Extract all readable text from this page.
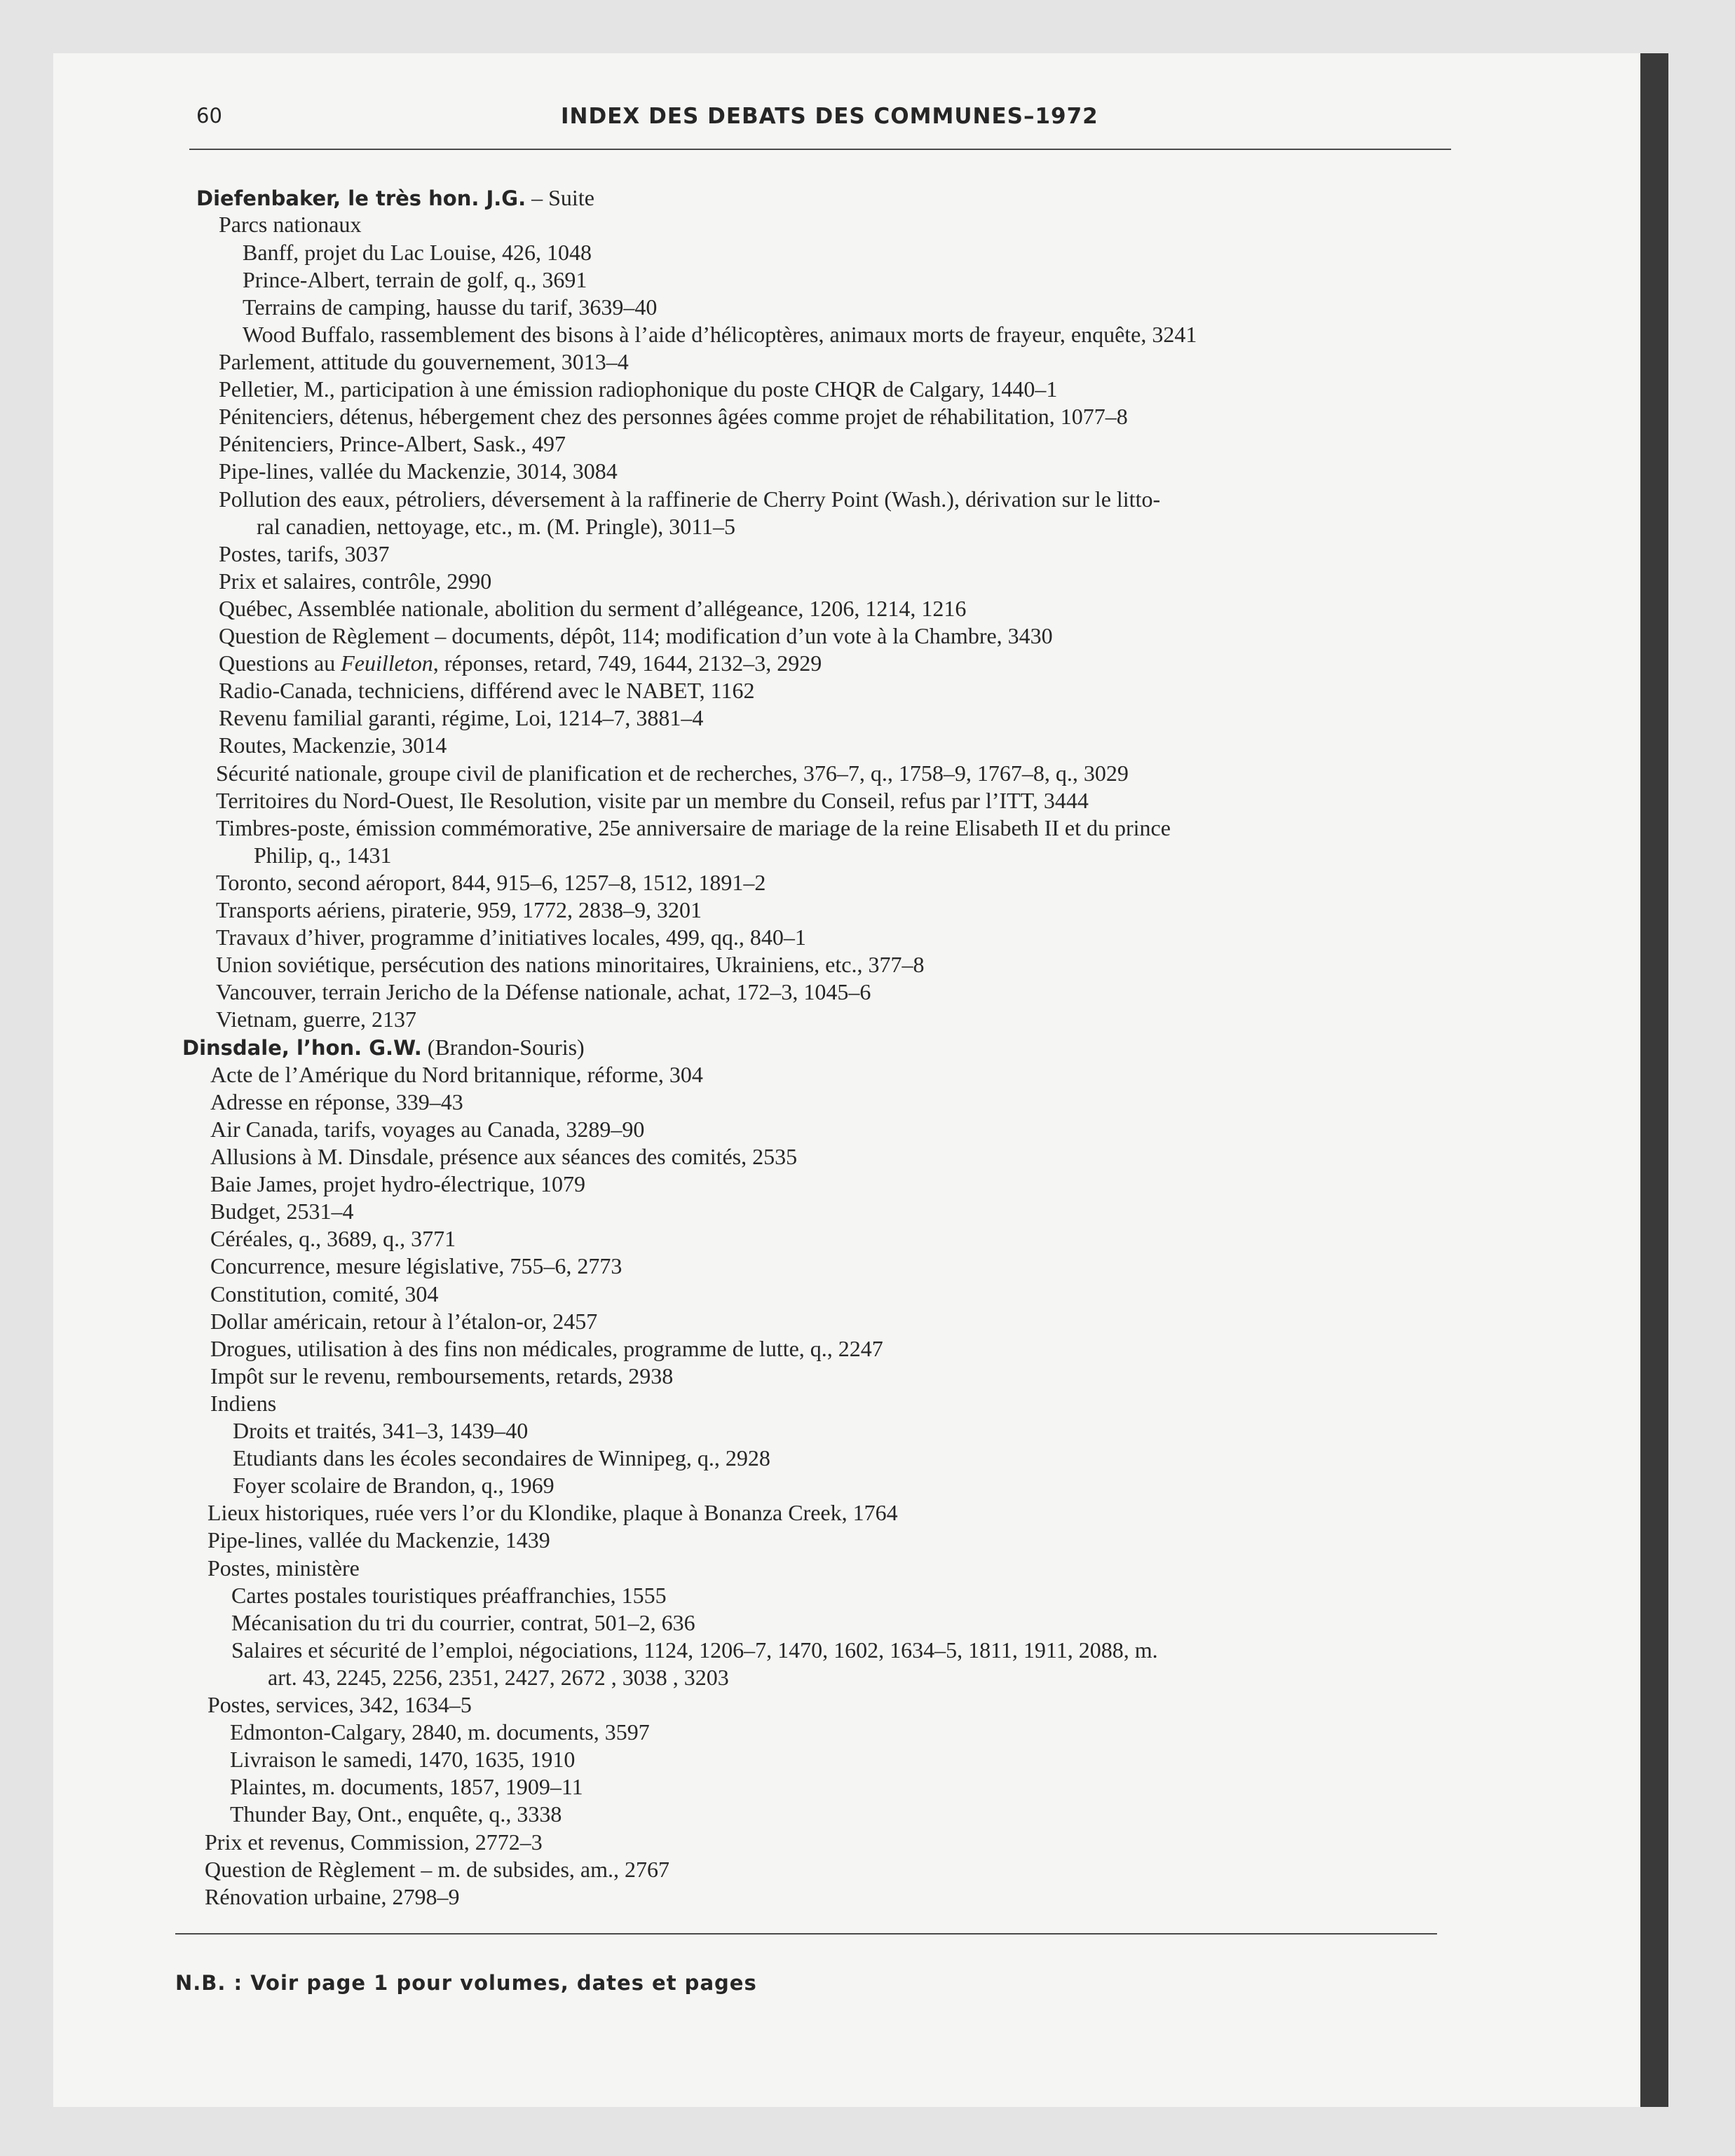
60	INDEX DES DEBATS DES COMMUNES–1972
Diefenbaker, le très hon. J.G. – Suite
Parcs nationaux
Banff, projet du Lac Louise, 426, 1048
Prince-Albert, terrain de golf, q., 3691
Terrains de camping, hausse du tarif, 3639–40
Wood Buffalo, rassemblement des bisons à l’aide d’hélicoptères, animaux morts de frayeur, enquête, 3241
Parlement, attitude du gouvernement, 3013–4
Pelletier, M., participation à une émission radiophonique du poste CHQR de Calgary, 1440–1
Pénitenciers, détenus, hébergement chez des personnes âgées comme projet de réhabilitation, 1077–8
Pénitenciers, Prince-Albert, Sask., 497
Pipe-lines, vallée du Mackenzie, 3014, 3084
Pollution des eaux, pétroliers, déversement à la raffinerie de Cherry Point (Wash.), dérivation sur le litto-
ral canadien, nettoyage, etc., m. (M. Pringle), 3011–5
Postes, tarifs, 3037
Prix et salaires, contrôle, 2990
Québec, Assemblée nationale, abolition du serment d’allégeance, 1206, 1214, 1216
Question de Règlement – documents, dépôt, 114; modification d’un vote à la Chambre, 3430
Questions au Feuilleton, réponses, retard, 749, 1644, 2132–3, 2929
Radio-Canada, techniciens, différend avec le NABET, 1162
Revenu familial garanti, régime, Loi, 1214–7, 3881–4
Routes, Mackenzie, 3014
Sécurité nationale, groupe civil de planification et de recherches, 376–7, q., 1758–9, 1767–8, q., 3029
Territoires du Nord-Ouest, Ile Resolution, visite par un membre du Conseil, refus par l’ITT, 3444
Timbres-poste, émission commémorative, 25e anniversaire de mariage de la reine Elisabeth II et du prince
Philip, q., 1431
Toronto, second aéroport, 844, 915–6, 1257–8, 1512, 1891–2
Transports aériens, piraterie, 959, 1772, 2838–9, 3201
Travaux d’hiver, programme d’initiatives locales, 499, qq., 840–1
Union soviétique, persécution des nations minoritaires, Ukrainiens, etc., 377–8
Vancouver, terrain Jericho de la Défense nationale, achat, 172–3, 1045–6
Vietnam, guerre, 2137
Dinsdale, l’hon. G.W. (Brandon-Souris)
Acte de l’Amérique du Nord britannique, réforme, 304
Adresse en réponse, 339–43
Air Canada, tarifs, voyages au Canada, 3289–90
Allusions à M. Dinsdale, présence aux séances des comités, 2535
Baie James, projet hydro-électrique, 1079
Budget, 2531–4
Céréales, q., 3689, q., 3771
Concurrence, mesure législative, 755–6, 2773
Constitution, comité, 304
Dollar américain, retour à l’étalon-or, 2457
Drogues, utilisation à des fins non médicales, programme de lutte, q., 2247
Impôt sur le revenu, remboursements, retards, 2938
Indiens
Droits et traités, 341–3, 1439–40
Etudiants dans les écoles secondaires de Winnipeg, q., 2928
Foyer scolaire de Brandon, q., 1969
Lieux historiques, ruée vers l’or du Klondike, plaque à Bonanza Creek, 1764
Pipe-lines, vallée du Mackenzie, 1439
Postes, ministère
Cartes postales touristiques préaffranchies, 1555
Mécanisation du tri du courrier, contrat, 501–2, 636
Salaires et sécurité de l’emploi, négociations, 1124, 1206–7, 1470, 1602, 1634–5, 1811, 1911, 2088, m.
art. 43, 2245, 2256, 2351, 2427, 2672 , 3038 , 3203
Postes, services, 342, 1634–5
Edmonton-Calgary, 2840, m. documents, 3597
Livraison le samedi, 1470, 1635, 1910
Plaintes, m. documents, 1857, 1909–11
Thunder Bay, Ont., enquête, q., 3338
Prix et revenus, Commission, 2772–3
Question de Règlement – m. de subsides, am., 2767
Rénovation urbaine, 2798–9
N.B. : Voir page 1 pour volumes, dates et pages
